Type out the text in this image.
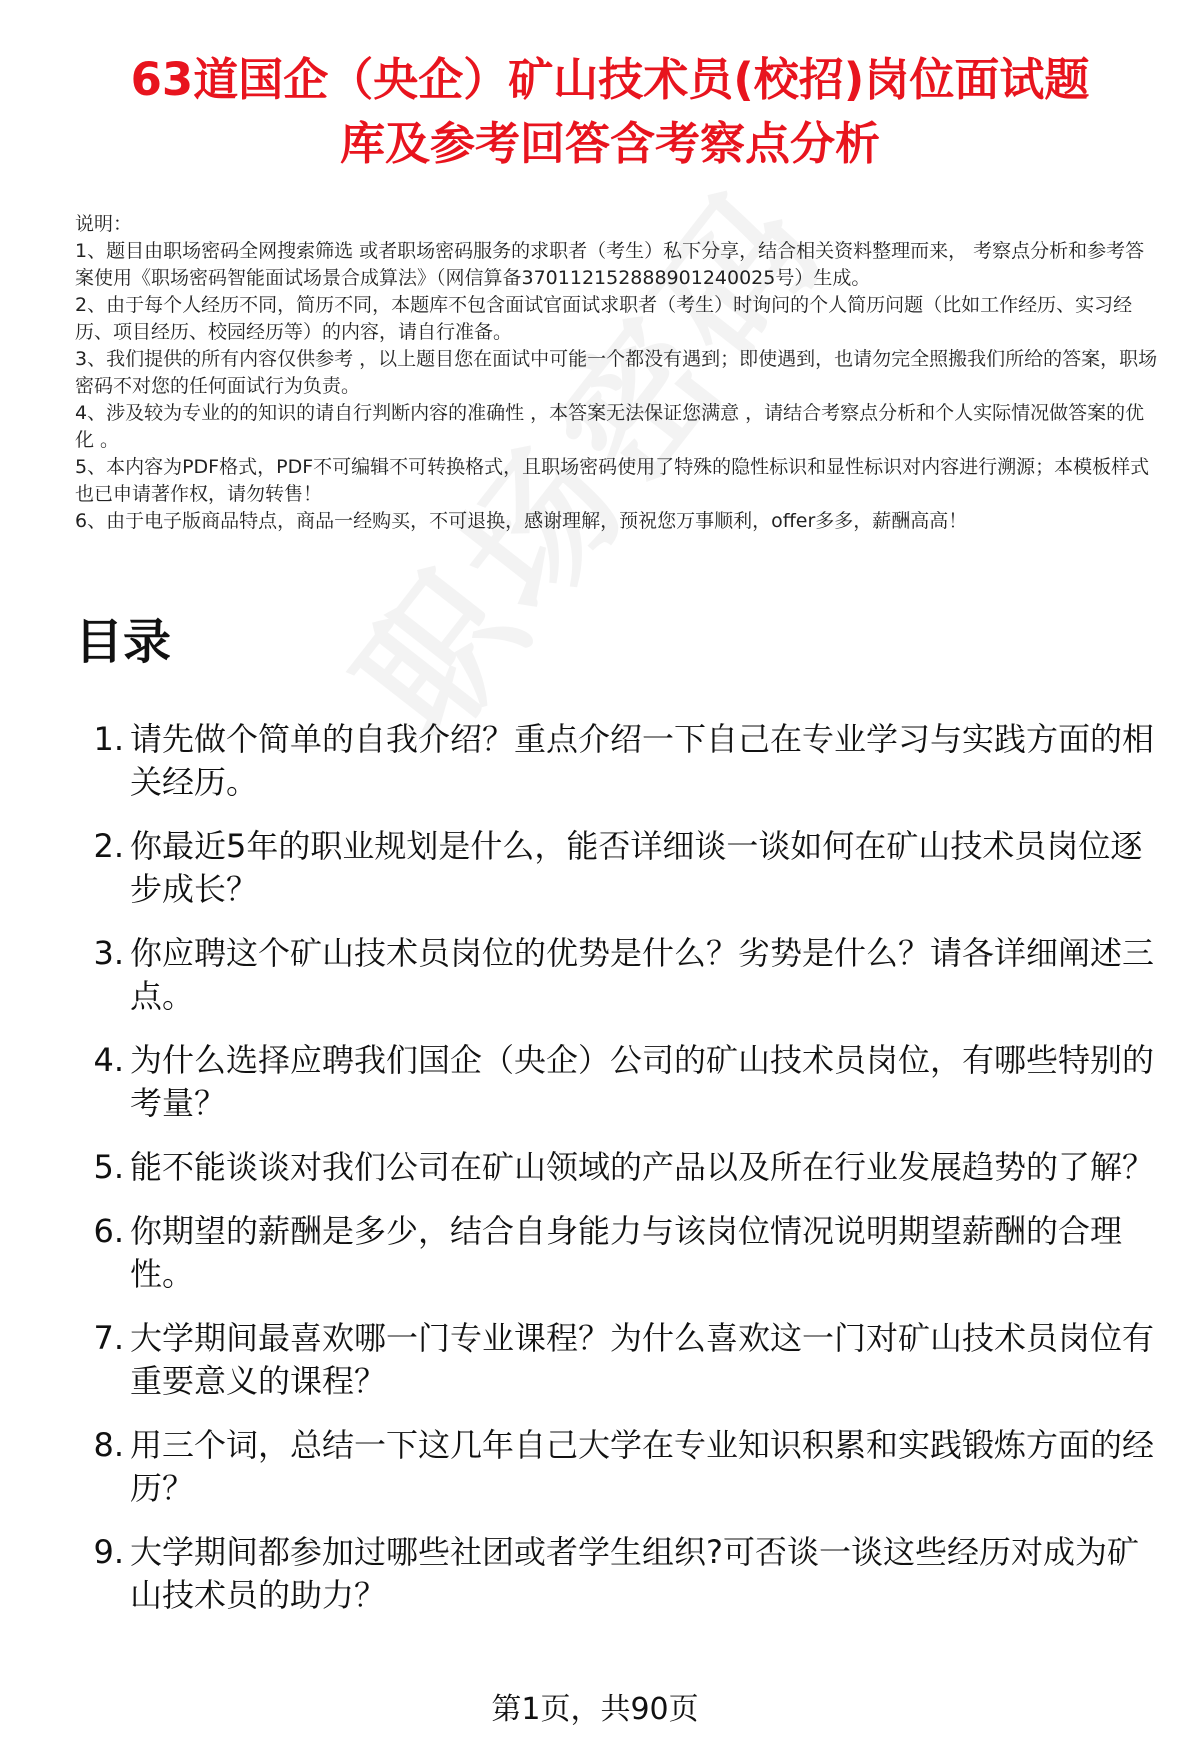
63道国企（央企）矿山技术员(校招)岗位面试题
库及参考回答含考察点分析

说明：

1、题目由职场密码全网搜索筛选 或者职场密码服务的求职者（考生）私下分享，结合相关资料整理而来， 考察点分析和参考答案使用《职场密码智能面试场景合成算法》（网信算备370112152888901240025号）生成。

2、由于每个人经历不同，简历不同，本题库不包含面试官面试求职者（考生）时询问的个人简历问题（比如工作经历、实习经历、项目经历、校园经历等）的内容，请自行准备。

3、我们提供的所有内容仅供参考 ，以上题目您在面试中可能一个都没有遇到；即使遇到，也请勿完全照搬我们所给的答案，职场密码不对您的任何面试行为负责。

4、涉及较为专业的的知识的请自行判断内容的准确性 ，本答案无法保证您满意 ，请结合考察点分析和个人实际情况做答案的优化 。

5、本内容为PDF格式，PDF不可编辑不可转换格式，且职场密码使用了特殊的隐性标识和显性标识对内容进行溯源；本模板样式也已申请著作权，请勿转售！

6、由于电子版商品特点，商品一经购买，不可退换，感谢理解，预祝您万事顺利，offer多多，薪酬高高！

目录
1. 请先做个简单的自我介绍？重点介绍一下自己在专业学习与实践方面的相关经历。
2. 你最近5年的职业规划是什么，能否详细谈一谈如何在矿山技术员岗位逐步成长？
3. 你应聘这个矿山技术员岗位的优势是什么？劣势是什么？请各详细阐述三点。
4. 为什么选择应聘我们国企（央企）公司的矿山技术员岗位，有哪些特别的考量？
5. 能不能谈谈对我们公司在矿山领域的产品以及所在行业发展趋势的了解？
6. 你期望的薪酬是多少，结合自身能力与该岗位情况说明期望薪酬的合理性。
7. 大学期间最喜欢哪一门专业课程？为什么喜欢这一门对矿山技术员岗位有重要意义的课程？
8. 用三个词，总结一下这几年自己大学在专业知识积累和实践锻炼方面的经历？
9. 大学期间都参加过哪些社团或者学生组织?可否谈一谈这些经历对成为矿山技术员的助力？
第1页，共90页
